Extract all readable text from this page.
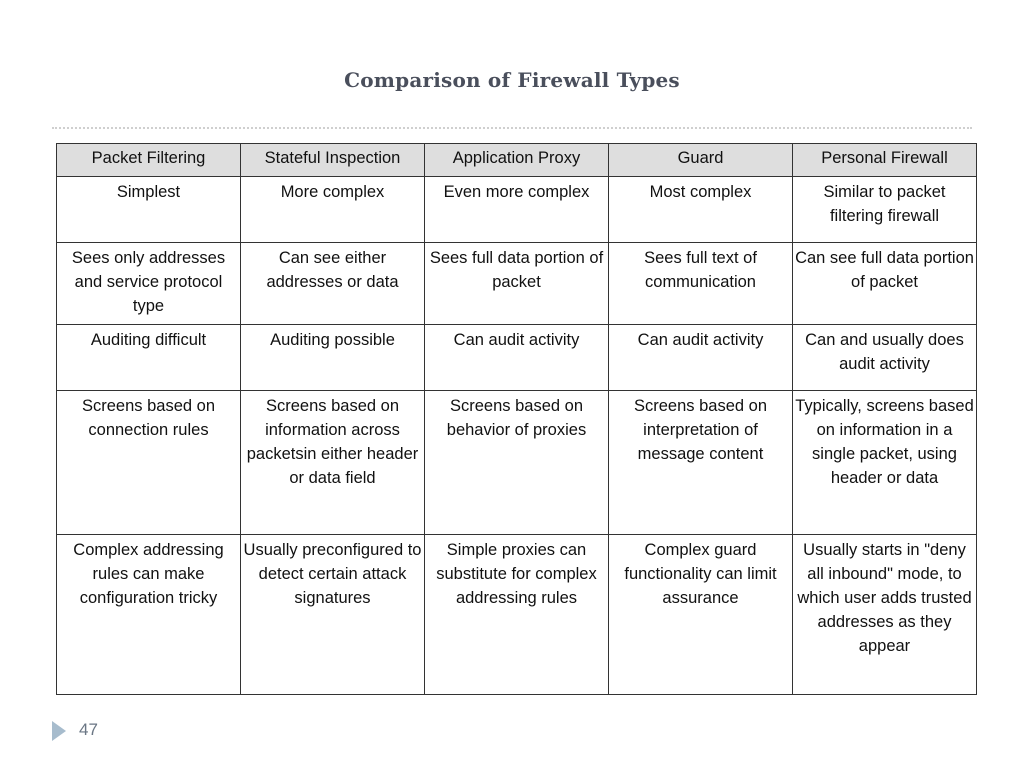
Comparison of Firewall Types
Packet Filtering	Stateful Inspection	Application Proxy	Guard	Personal Firewall
Simplest	More complex	Even more complex	Most complex	Similar to packet filtering firewall
Sees only addresses and service protocol type	Can see either addresses or data	Sees full data portion of packet	Sees full text of communication	Can see full data portion of packet
Auditing difficult	Auditing possible	Can audit activity	Can audit activity	Can and usually does audit activity
Screens based on connection rules	Screens based on information across packetsin either header or data field	Screens based on behavior of proxies	Screens based on interpretation of message content	Typically, screens based on information in a single packet, using header or data
Complex addressing rules can make configuration tricky	Usually preconfigured to detect certain attack signatures	Simple proxies can substitute for complex addressing rules	Complex guard functionality can limit assurance	Usually starts in "deny all inbound" mode, to which user adds trusted addresses as they appear
47
